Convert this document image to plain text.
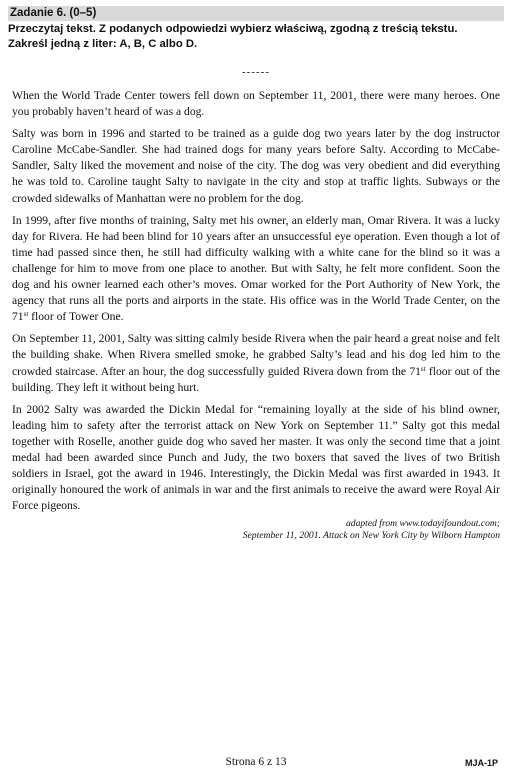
Zadanie 6. (0–5)
Przeczytaj tekst. Z podanych odpowiedzi wybierz właściwą, zgodną z treścią tekstu.
Zakreśl jedną z liter: A, B, C albo D.
------

When the World Trade Center towers fell down on September 11, 2001, there were many heroes. One you probably haven’t heard of was a dog.

Salty was born in 1996 and started to be trained as a guide dog two years later by the dog instructor Caroline McCabe-Sandler. She had trained dogs for many years before Salty. According to McCabe-Sandler, Salty liked the movement and noise of the city. The dog was very obedient and did everything he was told to. Caroline taught Salty to navigate in the city and stop at traffic lights. Subways or the crowded sidewalks of Manhattan were no problem for the dog.

In 1999, after five months of training, Salty met his owner, an elderly man, Omar Rivera. It was a lucky day for Rivera. He had been blind for 10 years after an unsuccessful eye operation. Even though a lot of time had passed since then, he still had difficulty walking with a white cane for the blind so it was a challenge for him to move from one place to another. But with Salty, he felt more confident. Soon the dog and his owner learned each other’s moves. Omar worked for the Port Authority of New York, the agency that runs all the ports and airports in the state. His office was in the World Trade Center, on the 71st floor of Tower One.

On September 11, 2001, Salty was sitting calmly beside Rivera when the pair heard a great noise and felt the building shake. When Rivera smelled smoke, he grabbed Salty’s lead and his dog led him to the crowded staircase. After an hour, the dog successfully guided Rivera down from the 71st floor out of the building. They left it without being hurt.

In 2002 Salty was awarded the Dickin Medal for “remaining loyally at the side of his blind owner, leading him to safety after the terrorist attack on New York on September 11.” Salty got this medal together with Roselle, another guide dog who saved her master. It was only the second time that a joint medal had been awarded since Punch and Judy, the two boxers that saved the lives of two British soldiers in Israel, got the award in 1946. Interestingly, the Dickin Medal was first awarded in 1943. It originally honoured the work of animals in war and the first animals to receive the award were Royal Air Force pigeons.

adapted from www.todayifoundout.com;
September 11, 2001. Attack on New York City by Wilborn Hampton
Strona 6 z 13	MJA-1P
